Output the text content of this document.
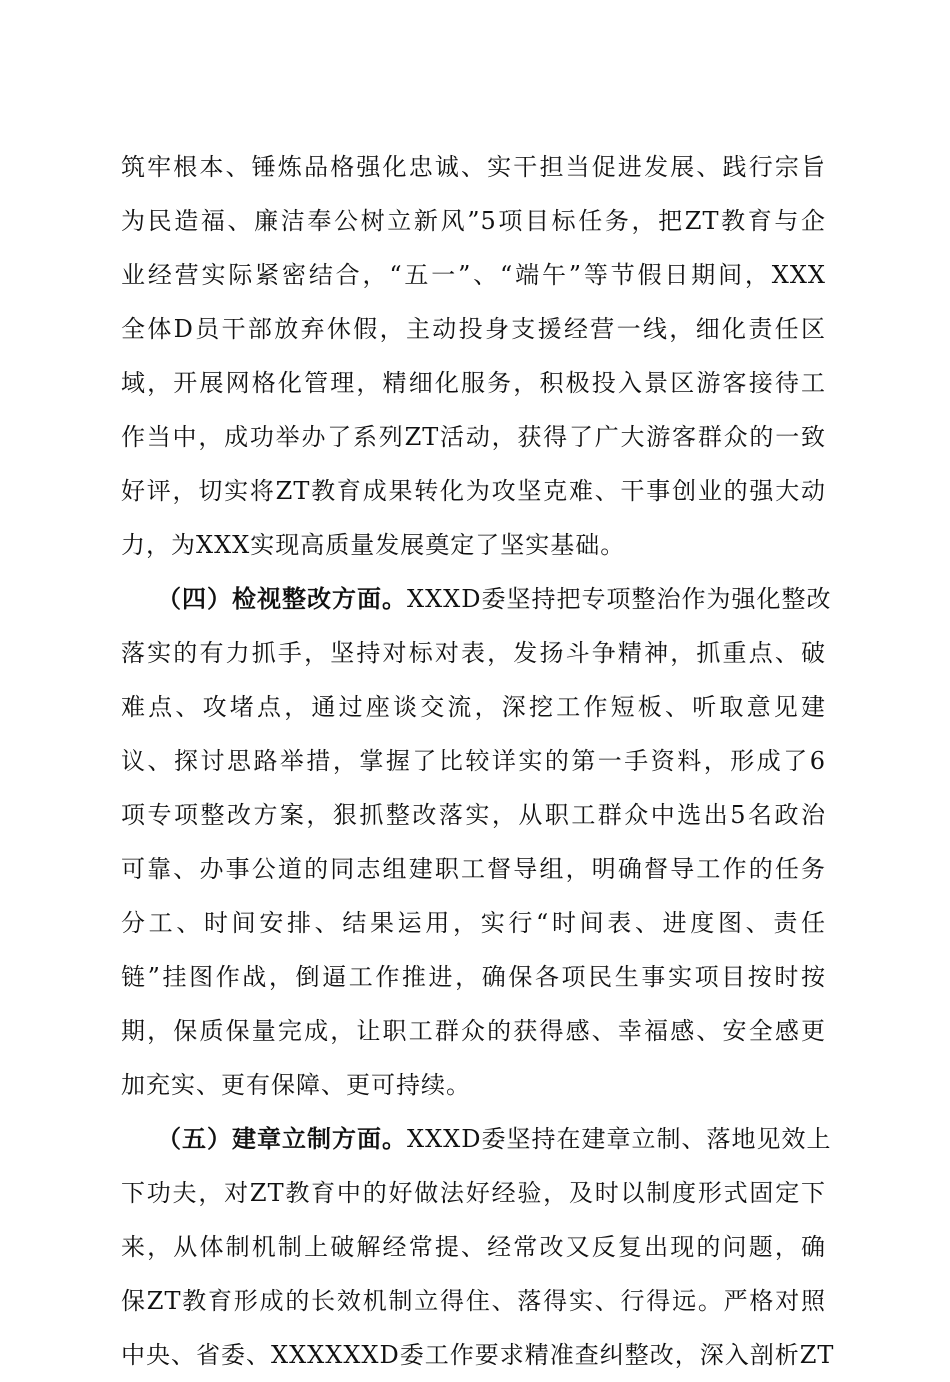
筑牢根本、锤炼品格强化忠诚、实干担当促进发展、践行宗旨
为民造福、廉洁奉公树立新风”5项目标任务，把ZT教育与企
业经营实际紧密结合，“五一”、“端午”等节假日期间，XXX
全体D员干部放弃休假，主动投身支援经营一线，细化责任区
域，开展网格化管理，精细化服务，积极投入景区游客接待工
作当中，成功举办了系列ZT活动，获得了广大游客群众的一致
好评，切实将ZT教育成果转化为攻坚克难、干事创业的强大动
力，为XXX实现高质量发展奠定了坚实基础。
（四）检视整改方面。XXXD委坚持把专项整治作为强化整改
落实的有力抓手，坚持对标对表，发扬斗争精神，抓重点、破
难点、攻堵点，通过座谈交流，深挖工作短板、听取意见建
议、探讨思路举措，掌握了比较详实的第一手资料，形成了6
项专项整改方案，狠抓整改落实，从职工群众中选出5名政治
可靠、办事公道的同志组建职工督导组，明确督导工作的任务
分工、时间安排、结果运用，实行“时间表、进度图、责任
链”挂图作战，倒逼工作推进，确保各项民生事实项目按时按
期，保质保量完成，让职工群众的获得感、幸福感、安全感更
加充实、更有保障、更可持续。
（五）建章立制方面。XXXD委坚持在建章立制、落地见效上
下功夫，对ZT教育中的好做法好经验，及时以制度形式固定下
来，从体制机制上破解经常提、经常改又反复出现的问题，确
保ZT教育形成的长效机制立得住、落得实、行得远。严格对照
中央、省委、XXXXXXD委工作要求精准查纠整改，深入剖析ZT
